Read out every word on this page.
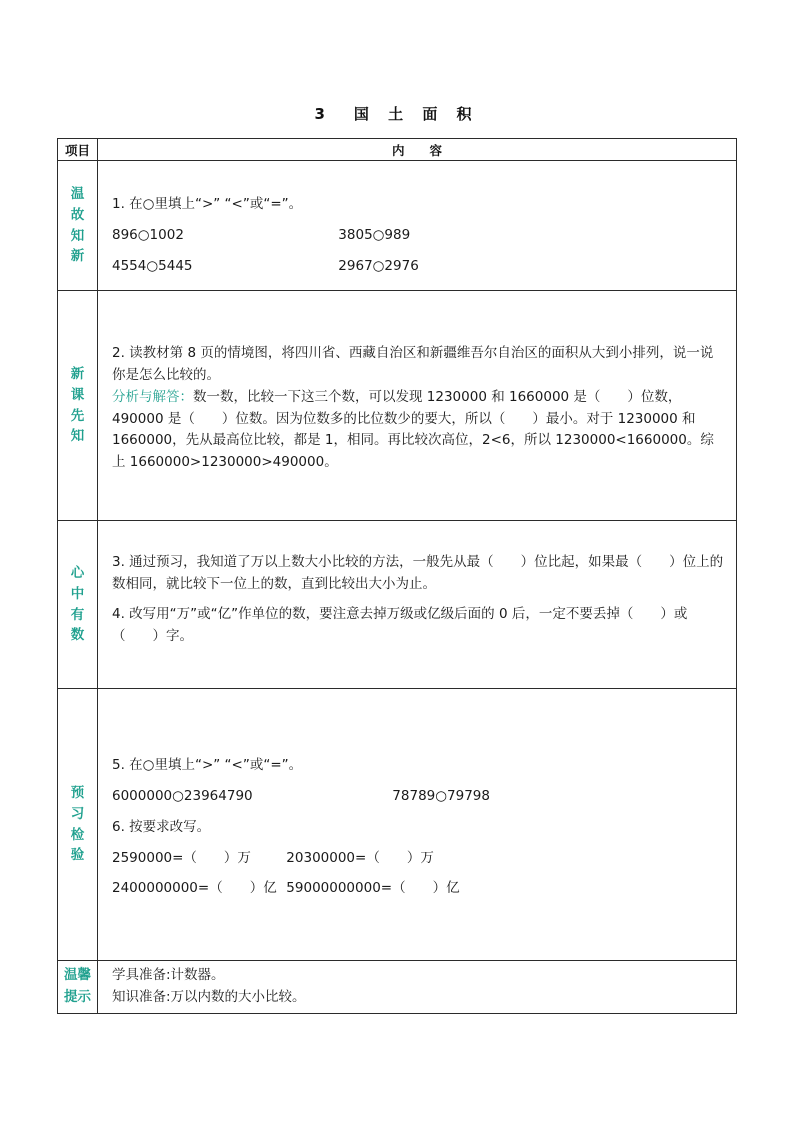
3　国 土 面 积
项目	内　　容
温故知新
1. 在○里填上“>” “<”或“=”。
896○1002	3805○989
4554○5445	2967○2976
新课先知
2. 读教材第 8 页的情境图，将四川省、西藏自治区和新疆维吾尔自治区的面积从大到小排列，说一说你是怎么比较的。
分析与解答：数一数，比较一下这三个数，可以发现 1230000 和 1660000 是（　　）位数，490000 是（　　）位数。因为位数多的比位数少的要大，所以（　　）最小。对于 1230000 和 1660000，先从最高位比较，都是 1，相同。再比较次高位，2<6，所以 1230000<1660000。综上 1660000>1230000>490000。
心中有数
3. 通过预习，我知道了万以上数大小比较的方法，一般先从最（　　）位比起，如果最（　　）位上的数相同，就比较下一位上的数，直到比较出大小为止。
4. 改写用“万”或“亿”作单位的数，要注意去掉万级或亿级后面的 0 后，一定不要丢掉（　　）或（　　）字。
预习检验
5. 在○里填上“>” “<”或“=”。
6000000○23964790	78789○79798
6. 按要求改写。
2590000=（　　）万	20300000=（　　）万
2400000000=（　　）亿 59000000000=（　　）亿
温馨提示
学具准备:计数器。
知识准备:万以内数的大小比较。
